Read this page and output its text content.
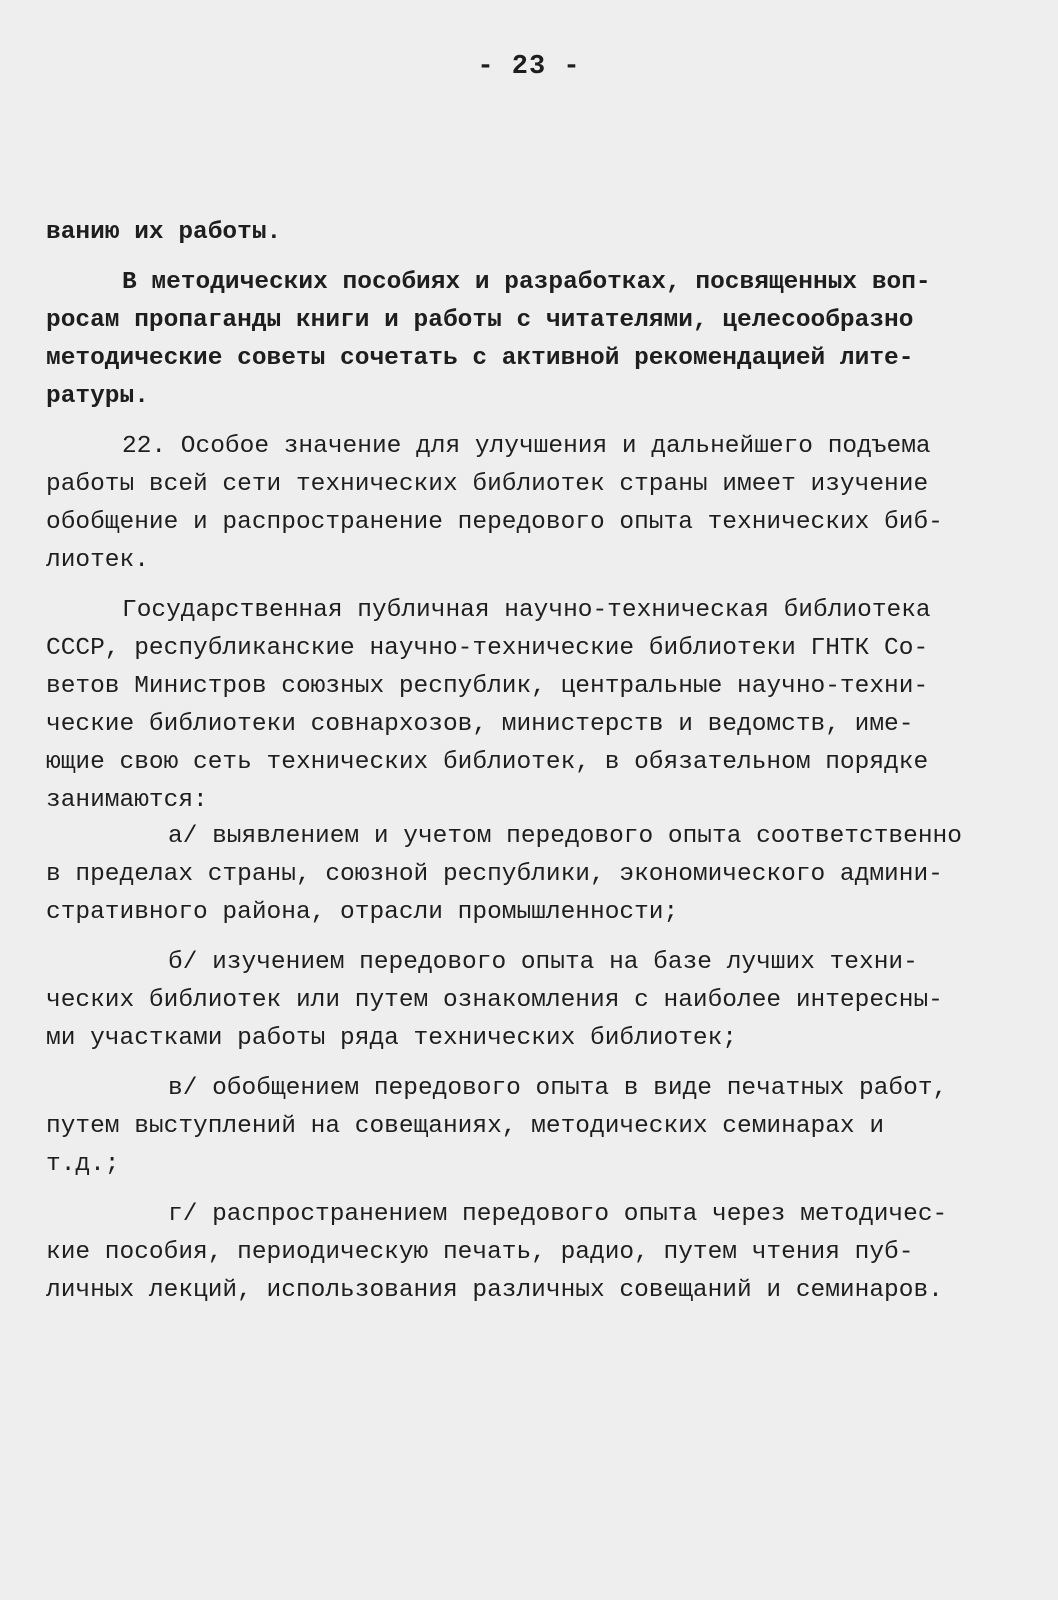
- 23 -
ванию их работы.
В методических пособиях и разработках, посвященных воп-
росам пропаганды книги и работы с читателями, целесообразно
методические советы сочетать с активной рекомендацией лите-
ратуры.
22. Особое значение для улучшения и дальнейшего подъема
работы всей сети технических библиотек страны имеет изучение
обобщение и распространение передового опыта технических биб-
лиотек.
Государственная публичная научно-техническая библиотека
СССР, республиканские научно-технические библиотеки ГНТК Со-
ветов Министров союзных республик, центральные научно-техни-
ческие библиотеки совнархозов, министерств и ведомств, име-
ющие свою сеть технических библиотек, в обязательном порядке
занимаются:
а/ выявлением и учетом передового опыта соответственно
в пределах страны, союзной республики, экономического админи-
стративного района, отрасли промышленности;
б/ изучением передового опыта на базе лучших техни-
ческих библиотек или путем ознакомления с наиболее интересны-
ми участками работы ряда технических библиотек;
в/ обобщением передового опыта в виде печатных работ,
путем выступлений на совещаниях, методических семинарах и
т.д.;
г/ распространением передового опыта через методичес-
кие пособия, периодическую печать, радио, путем чтения пуб-
личных лекций, использования различных совещаний и семинаров.
